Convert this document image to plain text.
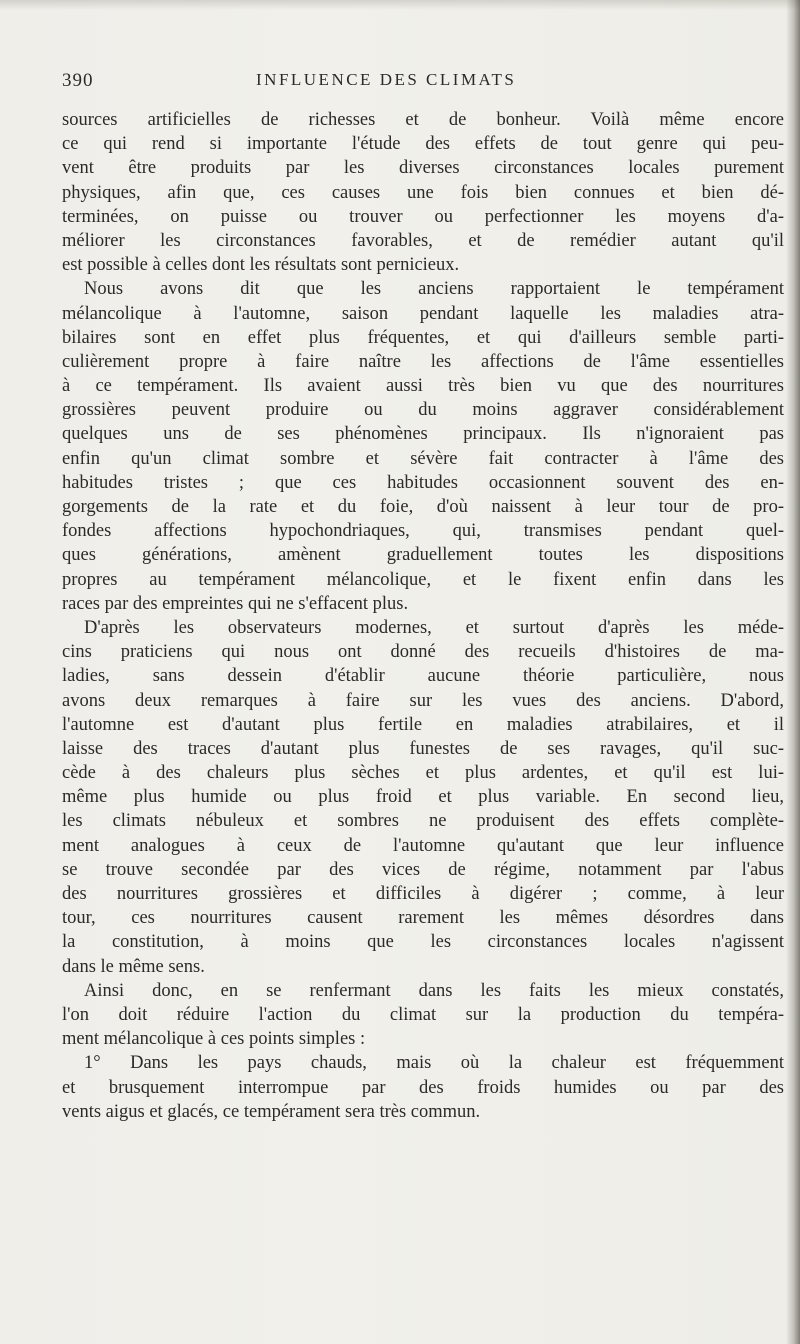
390	INFLUENCE DES CLIMATS
sources artificielles de richesses et de bonheur. Voilà même encore
ce qui rend si importante l'étude des effets de tout genre qui peu-
vent être produits par les diverses circonstances locales purement
physiques, afin que, ces causes une fois bien connues et bien dé-
terminées, on puisse ou trouver ou perfectionner les moyens d'a-
méliorer les circonstances favorables, et de remédier autant qu'il
est possible à celles dont les résultats sont pernicieux.
Nous avons dit que les anciens rapportaient le tempérament
mélancolique à l'automne, saison pendant laquelle les maladies atra-
bilaires sont en effet plus fréquentes, et qui d'ailleurs semble parti-
culièrement propre à faire naître les affections de l'âme essentielles
à ce tempérament. Ils avaient aussi très bien vu que des nourritures
grossières peuvent produire ou du moins aggraver considérablement
quelques uns de ses phénomènes principaux. Ils n'ignoraient pas
enfin qu'un climat sombre et sévère fait contracter à l'âme des
habitudes tristes ; que ces habitudes occasionnent souvent des en-
gorgements de la rate et du foie, d'où naissent à leur tour de pro-
fondes affections hypochondriaques, qui, transmises pendant quel-
ques générations, amènent graduellement toutes les dispositions
propres au tempérament mélancolique, et le fixent enfin dans les
races par des empreintes qui ne s'effacent plus.
D'après les observateurs modernes, et surtout d'après les méde-
cins praticiens qui nous ont donné des recueils d'histoires de ma-
ladies, sans dessein d'établir aucune théorie particulière, nous
avons deux remarques à faire sur les vues des anciens. D'abord,
l'automne est d'autant plus fertile en maladies atrabilaires, et il
laisse des traces d'autant plus funestes de ses ravages, qu'il suc-
cède à des chaleurs plus sèches et plus ardentes, et qu'il est lui-
même plus humide ou plus froid et plus variable. En second lieu,
les climats nébuleux et sombres ne produisent des effets complète-
ment analogues à ceux de l'automne qu'autant que leur influence
se trouve secondée par des vices de régime, notamment par l'abus
des nourritures grossières et difficiles à digérer ; comme, à leur
tour, ces nourritures causent rarement les mêmes désordres dans
la constitution, à moins que les circonstances locales n'agissent
dans le même sens.
Ainsi donc, en se renfermant dans les faits les mieux constatés,
l'on doit réduire l'action du climat sur la production du tempéra-
ment mélancolique à ces points simples :
1° Dans les pays chauds, mais où la chaleur est fréquemment
et brusquement interrompue par des froids humides ou par des
vents aigus et glacés, ce tempérament sera très commun.
